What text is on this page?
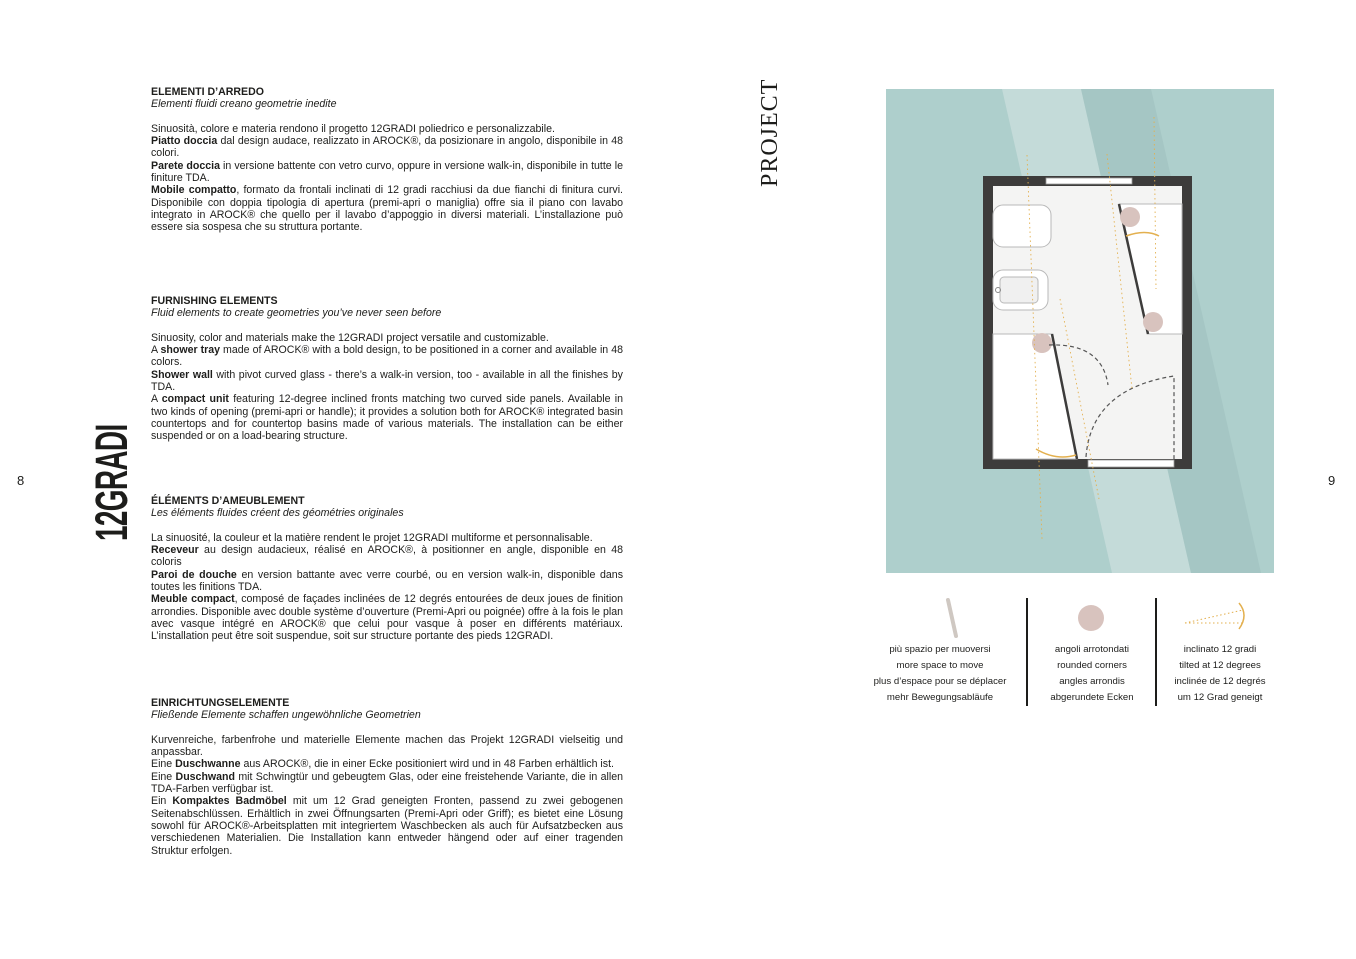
8	9
12GRADI
PROJECT
ELEMENTI D’ARREDO
Elementi fluidi creano geometrie inedite

Sinuosità, colore e materia rendono il progetto 12GRADI poliedrico e personalizzabile.

Piatto doccia dal design audace, realizzato in AROCK®, da posizionare in angolo, disponibile in 48 colori.

Parete doccia in versione battente con vetro curvo, oppure in versione walk-in, disponibile in tutte le finiture TDA.

Mobile compatto, formato da frontali inclinati di 12 gradi racchiusi da due fianchi di finitura curvi. Disponibile con doppia tipologia di apertura (premi-apri o maniglia) offre sia il piano con lavabo integrato in AROCK® che quello per il lavabo d’appoggio in diversi materiali. L’installazione può essere sia sospesa che su struttura portante.

FURNISHING ELEMENTS
Fluid elements to create geometries you’ve never seen before

Sinuosity, color and materials make the 12GRADI project versatile and customizable.

A shower tray made of AROCK® with a bold design, to be positioned in a corner and available in 48 colors.

Shower wall with pivot curved glass - there’s a walk-in version, too - available in all the finishes by TDA.

A compact unit featuring 12-degree inclined fronts matching two curved side panels. Available in two kinds of opening (premi-apri or handle); it provides a solution both for AROCK® integrated basin countertops and for countertop basins made of various materials. The installation can be either suspended or on a load-bearing structure.

ÉLÉMENTS D’AMEUBLEMENT
Les éléments fluides créent des géométries originales

La sinuosité, la couleur et la matière rendent le projet 12GRADI multiforme et personnalisable.

Receveur au design audacieux, réalisé en AROCK®, à positionner en angle, disponible en 48 coloris

Paroi de douche en version battante avec verre courbé, ou en version walk-in, disponible dans toutes les finitions TDA.

Meuble compact, composé de façades inclinées de 12 degrés entourées de deux joues de finition arrondies. Disponible avec double système d’ouverture (Premi-Apri ou poignée) offre à la fois le plan avec vasque intégré en AROCK® que celui pour vasque à poser en différents matériaux. L’installation peut être soit suspendue, soit sur structure portante des pieds 12GRADI.

EINRICHTUNGSELEMENTE
Fließende Elemente schaffen ungewöhnliche Geometrien

Kurvenreiche, farbenfrohe und materielle Elemente machen das Projekt 12GRADI vielseitig und anpassbar.

Eine Duschwanne aus AROCK®, die in einer Ecke positioniert wird und in 48 Farben erhältlich ist.

Eine Duschwand mit Schwingtür und gebeugtem Glas, oder eine freistehende Variante, die in allen TDA-Farben verfügbar ist.

Ein Kompaktes Badmöbel mit um 12 Grad geneigten Fronten, passend zu zwei gebogenen Seitenabschlüssen. Erhältlich in zwei Öffnungsarten (Premi-Apri oder Griff); es bietet eine Lösung sowohl für AROCK®-Arbeitsplatten mit integriertem Waschbecken als auch für Aufsatzbecken aus verschiedenen Materialien. Die Installation kann entweder hängend oder auf einer tragenden Struktur erfolgen.

più spazio per muoversi
more space to move
plus d’espace pour se déplacer
mehr Bewegungsabläufe
angoli arrotondati
rounded corners
angles arrondis
abgerundete Ecken
inclinato 12 gradi
tilted at 12 degrees
inclinée de 12 degrés
um 12 Grad geneigt
